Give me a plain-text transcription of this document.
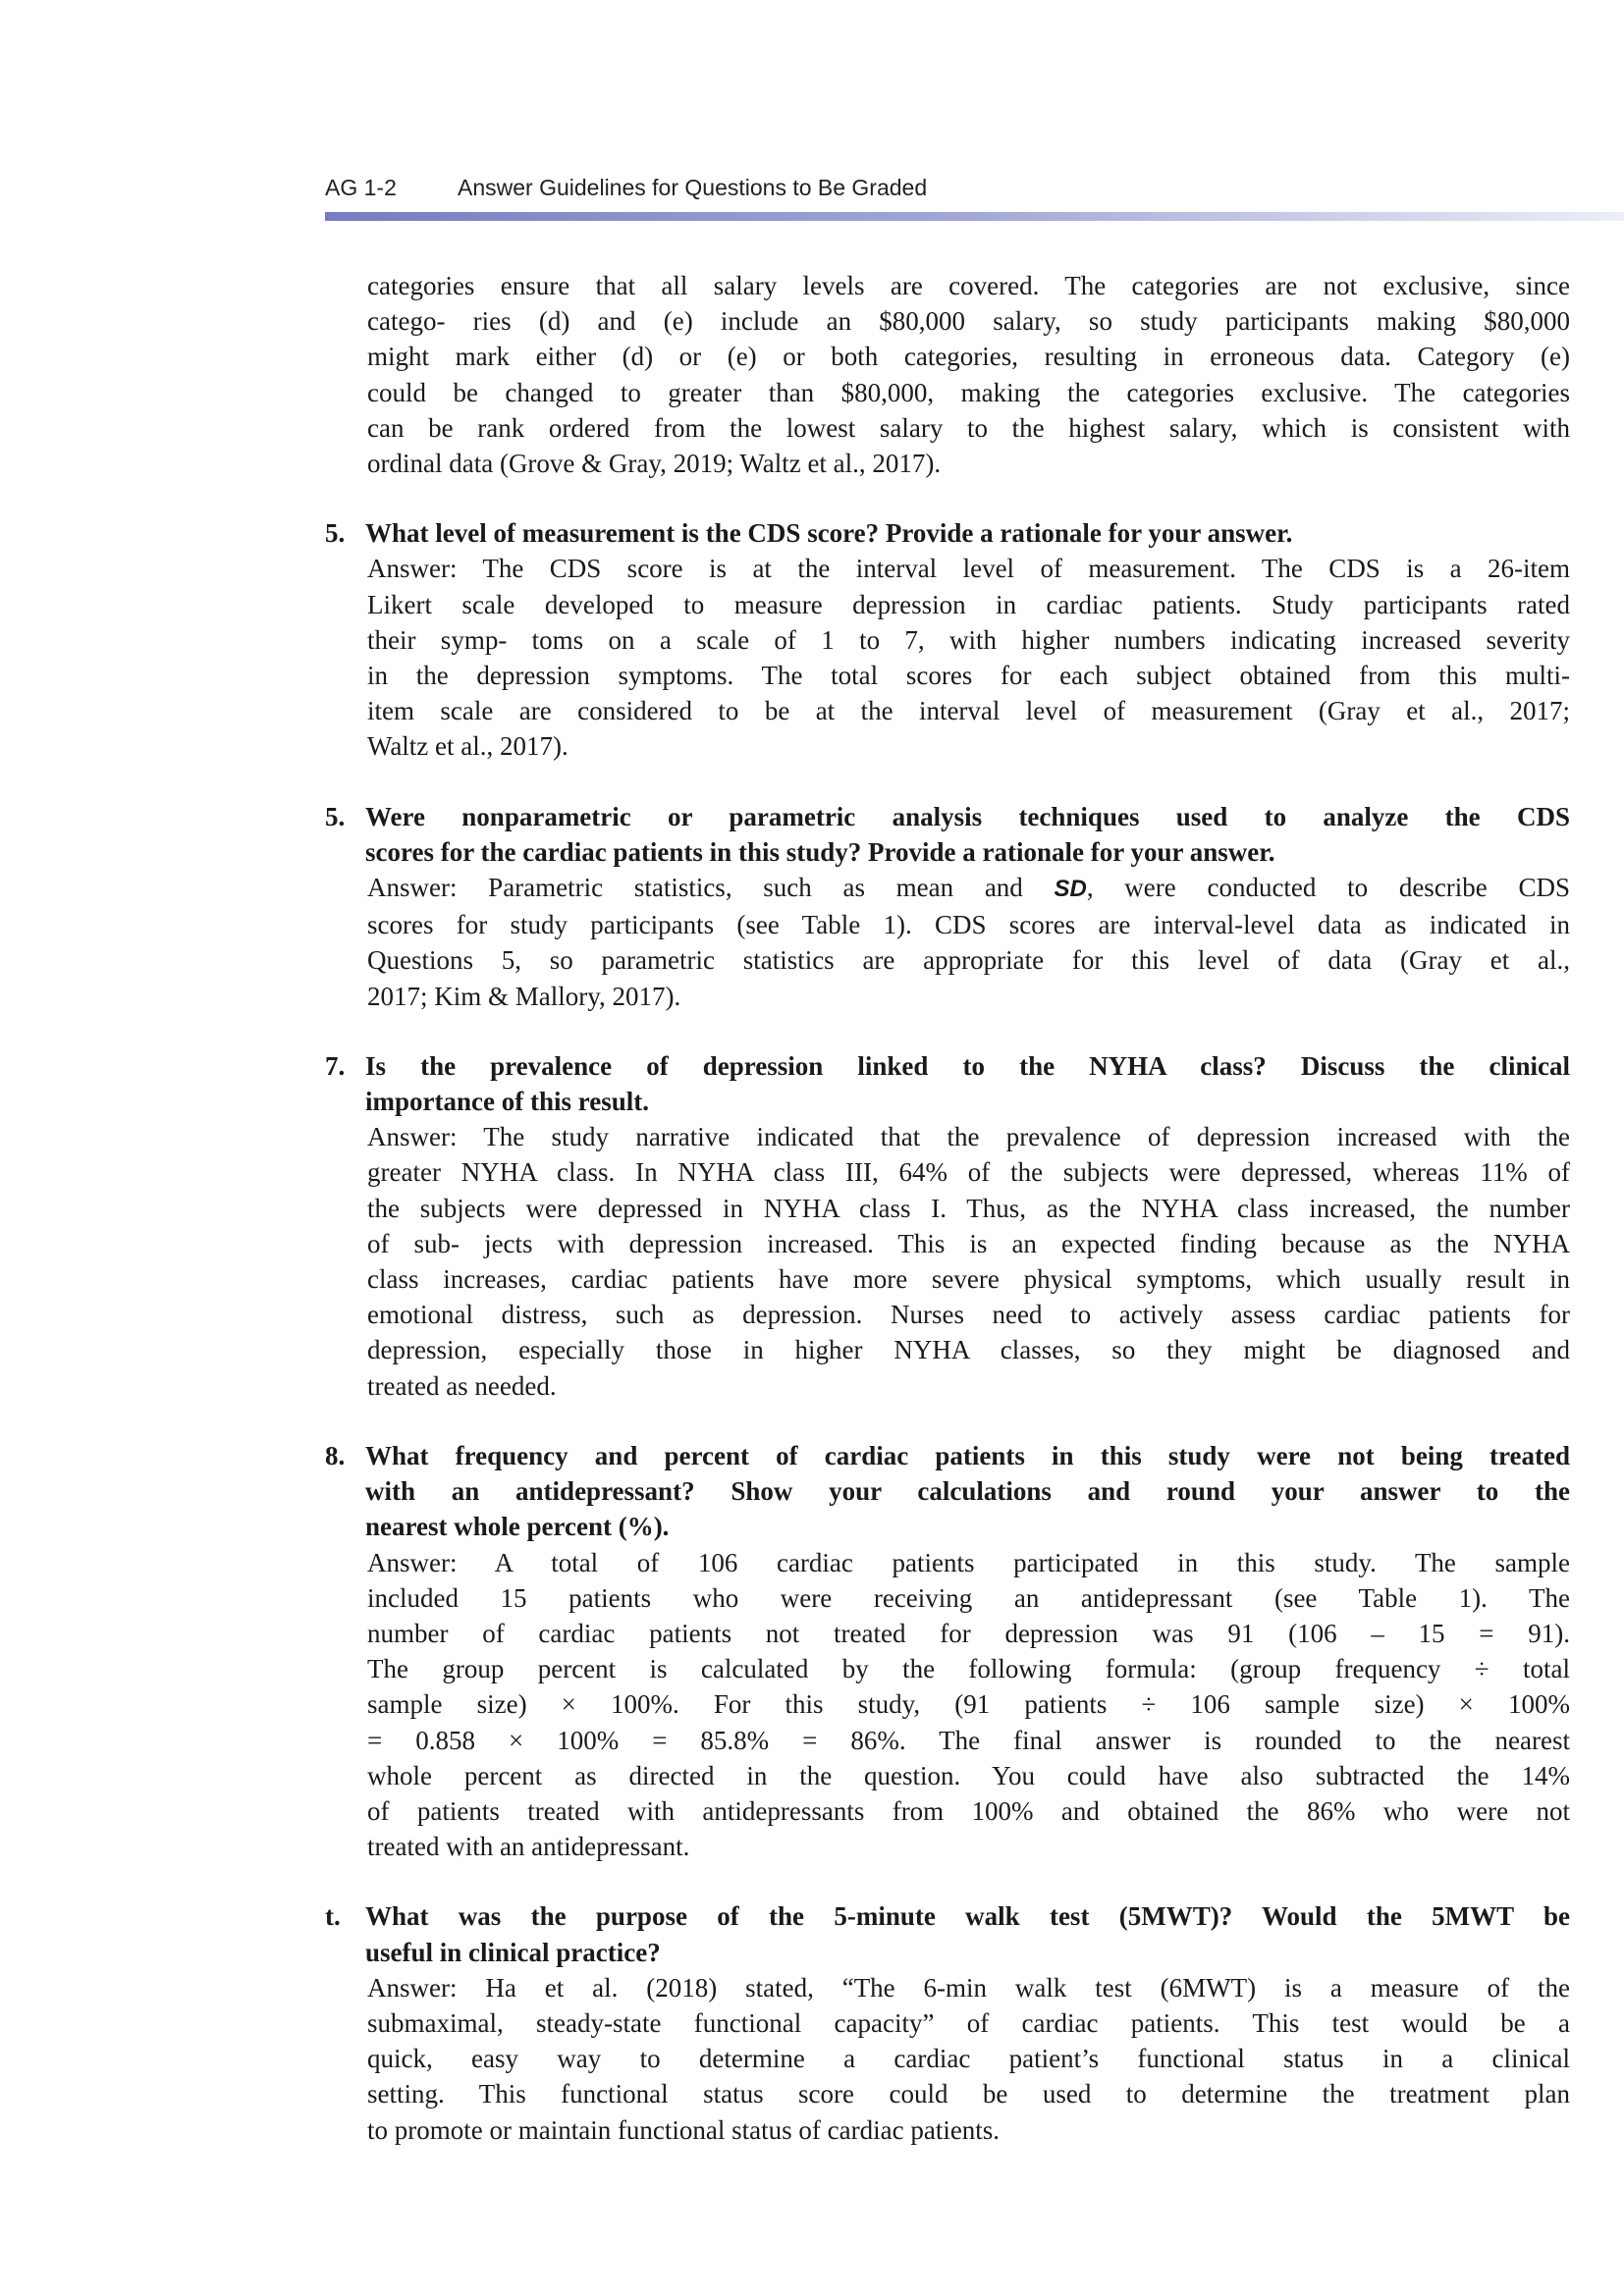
AG 1-2	Answer Guidelines for Questions to Be Graded
categories ensure that all salary levels are covered. The categories are not exclusive, since
catego- ries (d) and (e) include an $80,000 salary, so study participants making $80,000
might mark either (d) or (e) or both categories, resulting in erroneous data. Category (e)
could be changed to greater than $80,000, making the categories exclusive. The categories
can be rank ordered from the lowest salary to the highest salary, which is consistent with
ordinal data (Grove & Gray, 2019; Waltz et al., 2017).
5. What level of measurement is the CDS score? Provide a rationale for your answer.
Answer: The CDS score is at the interval level of measurement. The CDS is a 26-item
Likert scale developed to measure depression in cardiac patients. Study participants rated
their symp- toms on a scale of 1 to 7, with higher numbers indicating increased severity
in the depression symptoms. The total scores for each subject obtained from this multi-
item scale are considered to be at the interval level of measurement (Gray et al., 2017;
Waltz et al., 2017).
5. Were nonparametric or parametric analysis techniques used to analyze the CDS
scores for the cardiac patients in this study? Provide a rationale for your answer.
Answer: Parametric statistics, such as mean and SD, were conducted to describe CDS
scores for study participants (see Table 1). CDS scores are interval-level data as indicated in
Questions 5, so parametric statistics are appropriate for this level of data (Gray et al.,
2017; Kim & Mallory, 2017).
7. Is the prevalence of depression linked to the NYHA class? Discuss the clinical
importance of this result.
Answer: The study narrative indicated that the prevalence of depression increased with the
greater NYHA class. In NYHA class III, 64% of the subjects were depressed, whereas 11% of
the subjects were depressed in NYHA class I. Thus, as the NYHA class increased, the number
of sub- jects with depression increased. This is an expected finding because as the NYHA
class increases, cardiac patients have more severe physical symptoms, which usually result in
emotional distress, such as depression. Nurses need to actively assess cardiac patients for
depression, especially those in higher NYHA classes, so they might be diagnosed and
treated as needed.
8. What frequency and percent of cardiac patients in this study were not being treated
with an antidepressant? Show your calculations and round your answer to the
nearest whole percent (%).
Answer: A total of 106 cardiac patients participated in this study. The sample
included 15 patients who were receiving an antidepressant (see Table 1). The
number of cardiac patients not treated for depression was 91 (106 – 15 = 91).
The group percent is calculated by the following formula: (group frequency ÷ total
sample size) × 100%. For this study, (91 patients ÷ 106 sample size) × 100%
= 0.858 × 100% = 85.8% = 86%. The final answer is rounded to the nearest
whole percent as directed in the question. You could have also subtracted the 14%
of patients treated with antidepressants from 100% and obtained the 86% who were not
treated with an antidepressant.
t. What was the purpose of the 5-minute walk test (5MWT)? Would the 5MWT be
useful in clinical practice?
Answer: Ha et al. (2018) stated, “The 6-min walk test (6MWT) is a measure of the
submaximal, steady-state functional capacity” of cardiac patients. This test would be a
quick, easy way to determine a cardiac patient’s functional status in a clinical
setting. This functional status score could be used to determine the treatment plan
to promote or maintain functional status of cardiac patients.
